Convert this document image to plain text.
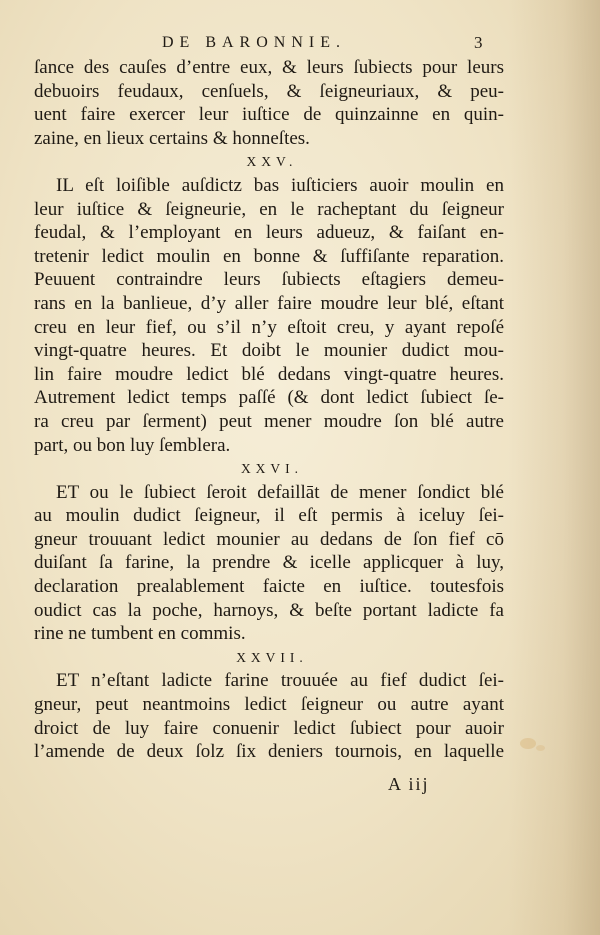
DE BARONNIE.	3
ſance des cauſes d’entre eux, & leurs ſubiects pour leurs
debuoirs feudaux, cenſuels, & ſeigneuriaux, & peu-
uent faire exercer leur iuſtice de quinzainne en quin-
zaine, en lieux certains & honneſtes.
XXV.
IL eſt loiſible auſdictz bas iuſticiers auoir moulin en
leur iuſtice & ſeigneurie, en le racheptant du ſeigneur
feudal, & l’employant en leurs adueuz, & faiſant en-
tretenir ledict moulin en bonne & ſuffiſante reparation.
Peuuent contraindre leurs ſubiects eſtagiers demeu-
rans en la banlieue, d’y aller faire moudre leur blé, eſtant
creu en leur fief, ou s’il n’y eſtoit creu, y ayant repoſé
vingt-quatre heures. Et doibt le mounier dudict mou-
lin faire moudre ledict blé dedans vingt-quatre heures.
Autrement ledict temps paſſé (& dont ledict ſubiect ſe-
ra creu par ſerment) peut mener moudre ſon blé autre
part, ou bon luy ſemblera.
XXVI.
ET ou le ſubiect ſeroit defaillāt de mener ſondict blé
au moulin dudict ſeigneur, il eſt permis à iceluy ſei-
gneur trouuant ledict mounier au dedans de ſon fief cō
duiſant ſa farine, la prendre & icelle applicquer à luy,
declaration prealablement faicte en iuſtice. toutesfois
oudict cas la poche, harnoys, & beſte portant ladicte fa
rine ne tumbent en commis.
XXVII.
ET n’eſtant ladicte farine trouuée au fief dudict ſei-
gneur, peut neantmoins ledict ſeigneur ou autre ayant
droict de luy faire conuenir ledict ſubiect pour auoir
l’amende de deux ſolz ſix deniers tournois, en laquelle
A iij
